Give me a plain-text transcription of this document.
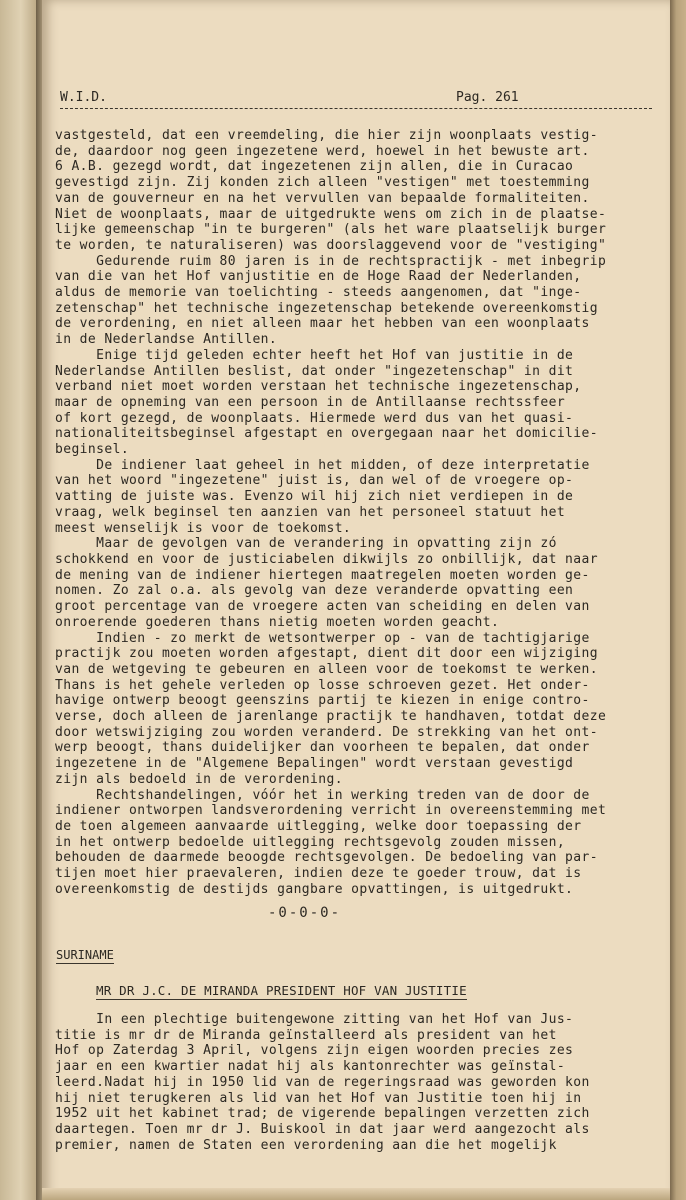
W.I.D.	Pag. 261
vastgesteld, dat een vreemdeling, die hier zijn woonplaats vestig-
de, daardoor nog geen ingezetene werd, hoewel in het bewuste art.
6 A.B. gezegd wordt, dat ingezetenen zijn allen, die in Curacao
gevestigd zijn. Zij konden zich alleen "vestigen" met toestemming
van de gouverneur en na het vervullen van bepaalde formaliteiten.
Niet de woonplaats, maar de uitgedrukte wens om zich in de plaatse-
lijke gemeenschap "in te burgeren" (als het ware plaatselijk burger
te worden, te naturaliseren) was doorslaggevend voor de "vestiging"
Gedurende ruim 80 jaren is in de rechtspractijk - met inbegrip
van die van het Hof vanjustitie en de Hoge Raad der Nederlanden,
aldus de memorie van toelichting - steeds aangenomen, dat "inge-
zetenschap" het technische ingezetenschap betekende overeenkomstig
de verordening, en niet alleen maar het hebben van een woonplaats
in de Nederlandse Antillen.
Enige tijd geleden echter heeft het Hof van justitie in de
Nederlandse Antillen beslist, dat onder "ingezetenschap" in dit
verband niet moet worden verstaan het technische ingezetenschap,
maar de opneming van een persoon in de Antillaanse rechtssfeer
of kort gezegd, de woonplaats. Hiermede werd dus van het quasi-
nationaliteitsbeginsel afgestapt en overgegaan naar het domicilie-
beginsel.
De indiener laat geheel in het midden, of deze interpretatie
van het woord "ingezetene" juist is, dan wel of de vroegere op-
vatting de juiste was. Evenzo wil hij zich niet verdiepen in de
vraag, welk beginsel ten aanzien van het personeel statuut het
meest wenselijk is voor de toekomst.
Maar de gevolgen van de verandering in opvatting zijn zó
schokkend en voor de justiciabelen dikwijls zo onbillijk, dat naar
de mening van de indiener hiertegen maatregelen moeten worden ge-
nomen. Zo zal o.a. als gevolg van deze veranderde opvatting een
groot percentage van de vroegere acten van scheiding en delen van
onroerende goederen thans nietig moeten worden geacht.
Indien - zo merkt de wetsontwerper op - van de tachtigjarige
practijk zou moeten worden afgestapt, dient dit door een wijziging
van de wetgeving te gebeuren en alleen voor de toekomst te werken.
Thans is het gehele verleden op losse schroeven gezet. Het onder-
havige ontwerp beoogt geenszins partij te kiezen in enige contro-
verse, doch alleen de jarenlange practijk te handhaven, totdat deze
door wetswijziging zou worden veranderd. De strekking van het ont-
werp beoogt, thans duidelijker dan voorheen te bepalen, dat onder
ingezetene in de "Algemene Bepalingen" wordt verstaan gevestigd
zijn als bedoeld in de verordening.
Rechtshandelingen, vóór het in werking treden van de door de
indiener ontworpen landsverordening verricht in overeenstemming met
de toen algemeen aanvaarde uitlegging, welke door toepassing der
in het ontwerp bedoelde uitlegging rechtsgevolg zouden missen,
behouden de daarmede beoogde rechtsgevolgen. De bedoeling van par-
tijen moet hier praevaleren, indien deze te goeder trouw, dat is
overeenkomstig de destijds gangbare opvattingen, is uitgedrukt.
-0-0-0-
SURINAME
MR DR J.C. DE MIRANDA PRESIDENT HOF VAN JUSTITIE
In een plechtige buitengewone zitting van het Hof van Jus-
titie is mr dr de Miranda geïnstalleerd als president van het
Hof op Zaterdag 3 April, volgens zijn eigen woorden precies zes
jaar en een kwartier nadat hij als kantonrechter was geïnstal-
leerd.Nadat hij in 1950 lid van de regeringsraad was geworden kon
hij niet terugkeren als lid van het Hof van Justitie toen hij in
1952 uit het kabinet trad; de vigerende bepalingen verzetten zich
daartegen. Toen mr dr J. Buiskool in dat jaar werd aangezocht als
premier, namen de Staten een verordening aan die het mogelijk
